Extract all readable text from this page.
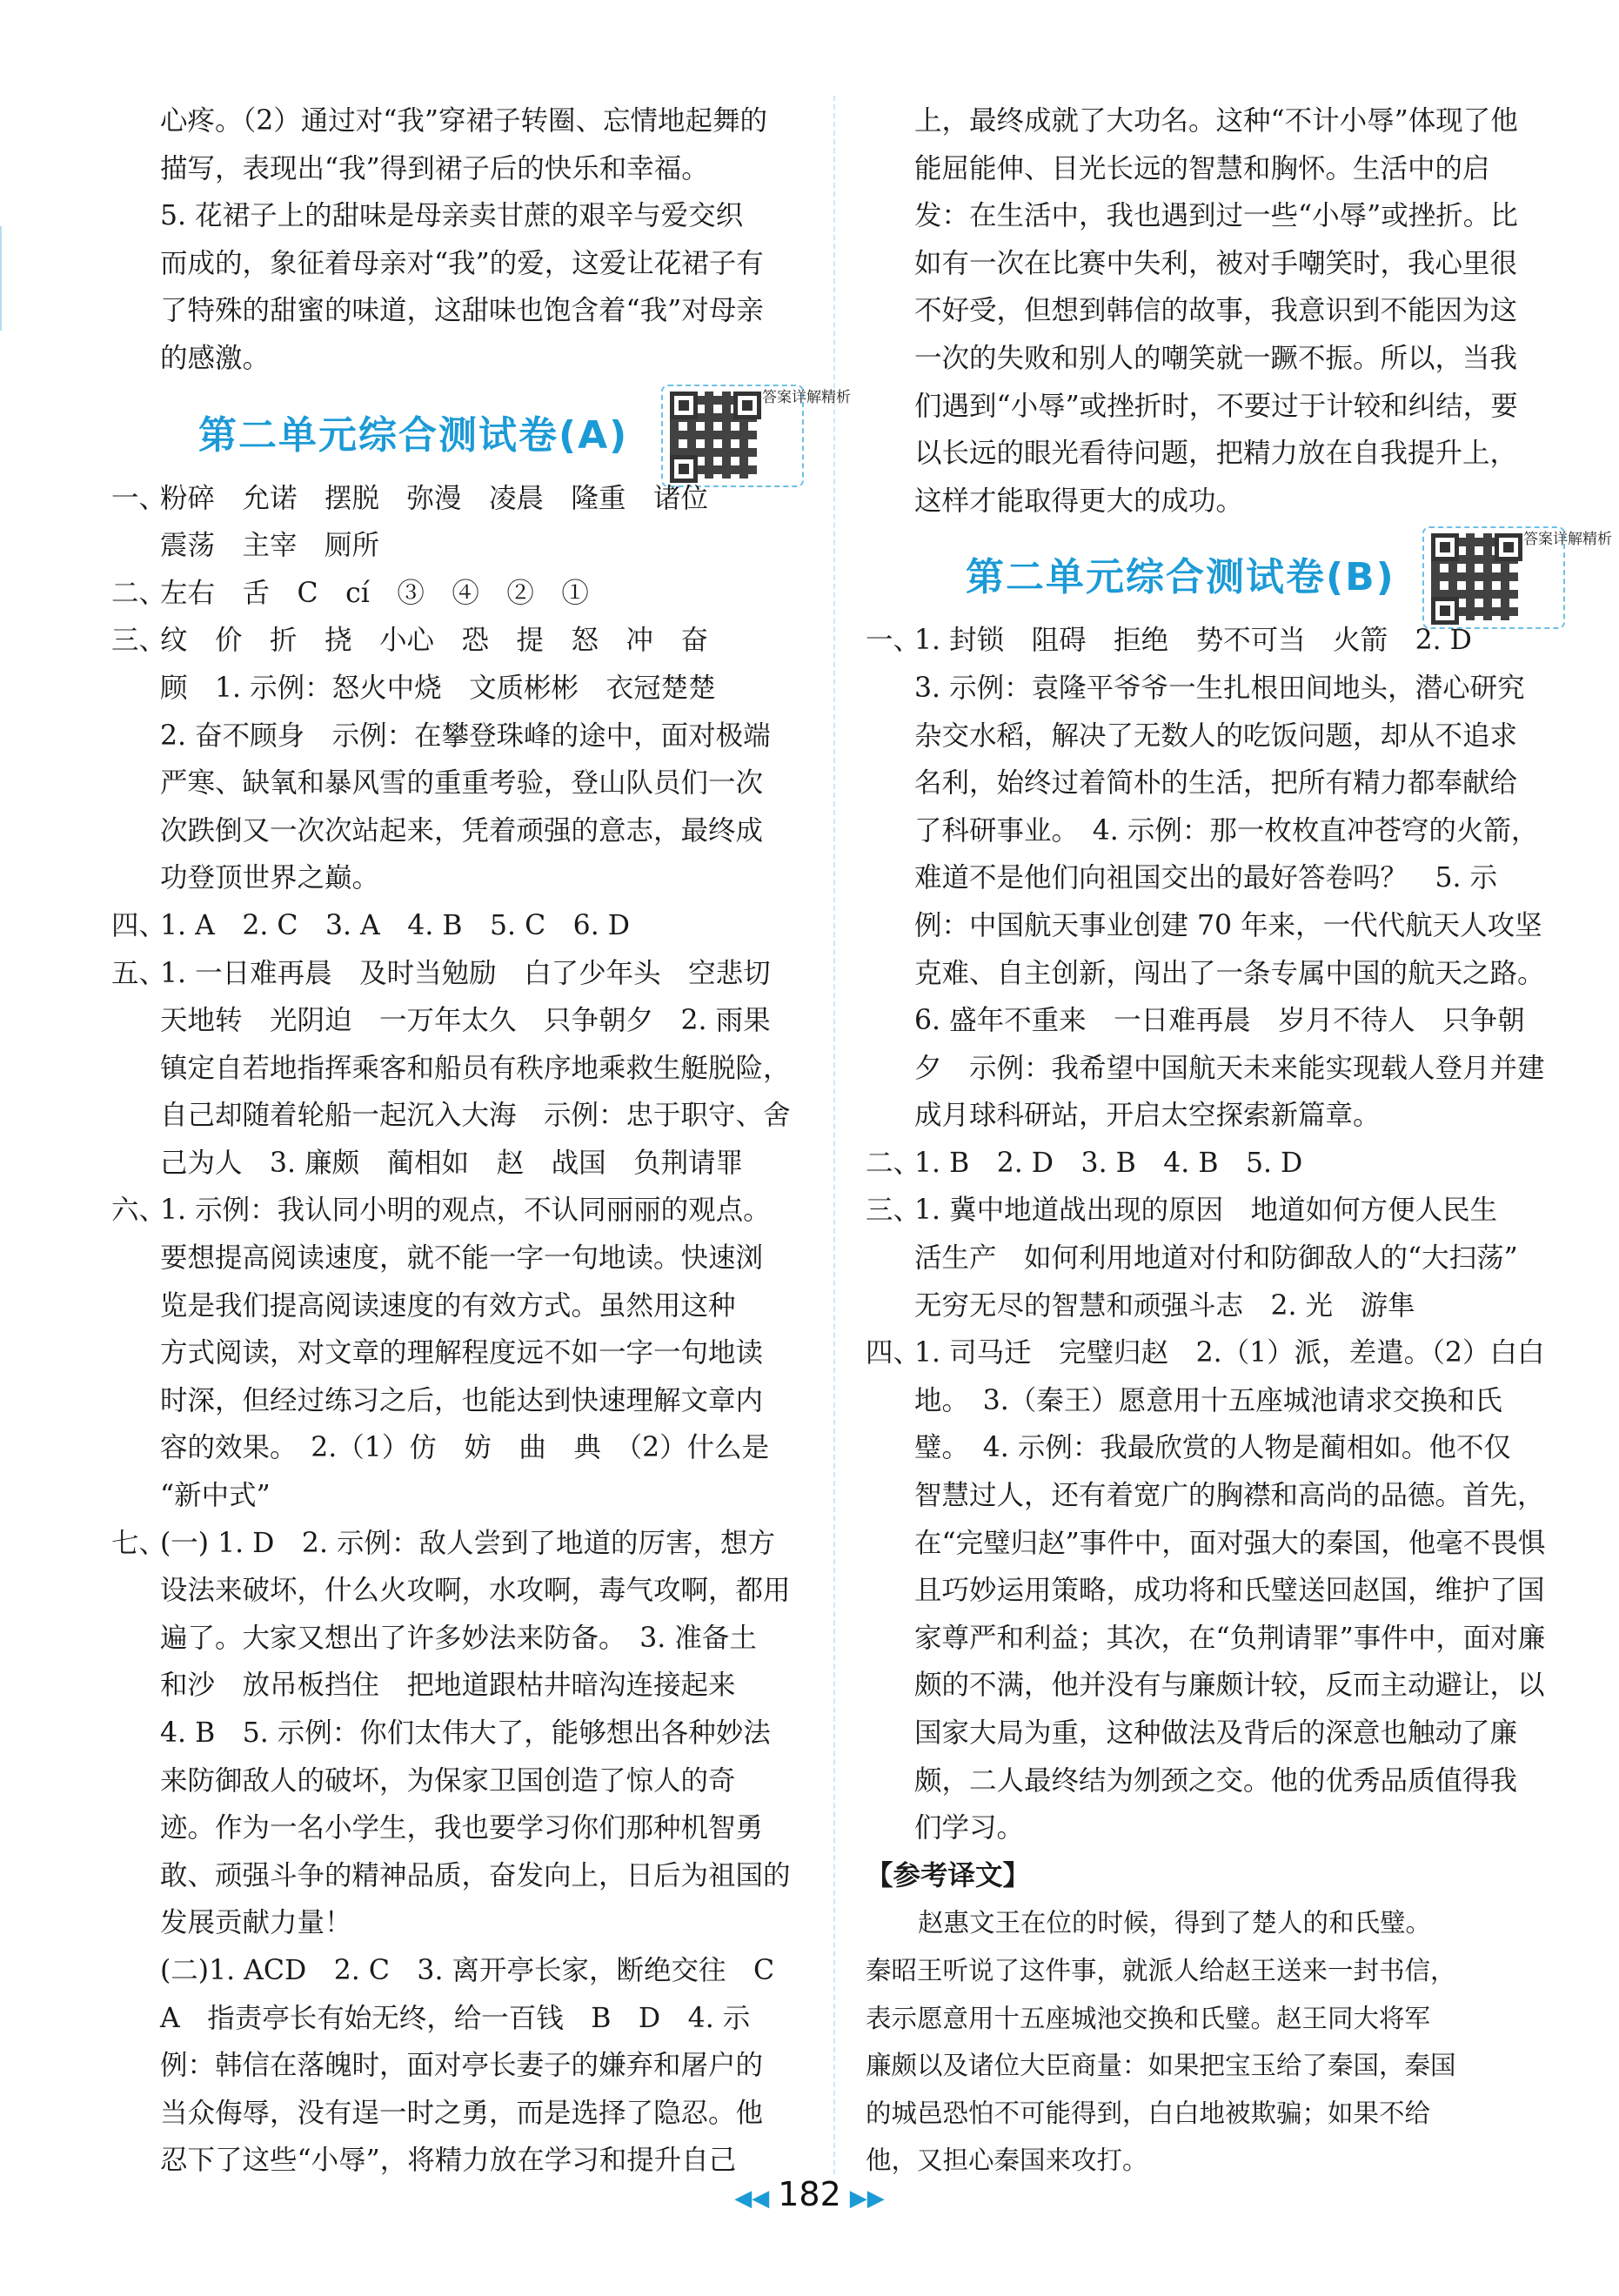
心疼。（2）通过对“我”穿裙子转圈、忘情地起舞的
描写，表现出“我”得到裙子后的快乐和幸福。
5. 花裙子上的甜味是母亲卖甘蔗的艰辛与爱交织
而成的，象征着母亲对“我”的爱，这爱让花裙子有
了特殊的甜蜜的味道，这甜味也饱含着“我”对母亲
的感激。
第二单元综合测试卷(A)
答案详解精析
一、
粉碎　允诺　摆脱　弥漫　凌晨　隆重　诸位
震荡　主宰　厕所
二、
左右　舌　C　cí　③　④　②　①
三、
纹　价　折　挠　小心　恐　提　怒　冲　奋
顾　1. 示例：怒火中烧　文质彬彬　衣冠楚楚
2. 奋不顾身　示例：在攀登珠峰的途中，面对极端
严寒、缺氧和暴风雪的重重考验，登山队员们一次
次跌倒又一次次站起来，凭着顽强的意志，最终成
功登顶世界之巅。
四、
1. A　2. C　3. A　4. B　5. C　6. D
五、
1. 一日难再晨　及时当勉励　白了少年头　空悲切
天地转　光阴迫　一万年太久　只争朝夕　2. 雨果
镇定自若地指挥乘客和船员有秩序地乘救生艇脱险，
自己却随着轮船一起沉入大海　示例：忠于职守、舍
己为人　3. 廉颇　蔺相如　赵　战国　负荆请罪
六、
1. 示例：我认同小明的观点，不认同丽丽的观点。
要想提高阅读速度，就不能一字一句地读。快速浏
览是我们提高阅读速度的有效方式。虽然用这种
方式阅读，对文章的理解程度远不如一字一句地读
时深，但经过练习之后，也能达到快速理解文章内
容的效果。　2.（1）仿　妨　曲　典　（2）什么是
“新中式”
七、
(一) 1. D　2. 示例：敌人尝到了地道的厉害，想方
设法来破坏，什么火攻啊，水攻啊，毒气攻啊，都用
遍了。大家又想出了许多妙法来防备。　3. 准备土
和沙　放吊板挡住　把地道跟枯井暗沟连接起来
4. B　5. 示例：你们太伟大了，能够想出各种妙法
来防御敌人的破坏，为保家卫国创造了惊人的奇
迹。作为一名小学生，我也要学习你们那种机智勇
敢、顽强斗争的精神品质，奋发向上，日后为祖国的
发展贡献力量！
(二)1. ACD　2. C　3. 离开亭长家，断绝交往　C
A　指责亭长有始无终，给一百钱　B　D　4. 示
例：韩信在落魄时，面对亭长妻子的嫌弃和屠户的
当众侮辱，没有逞一时之勇，而是选择了隐忍。他
忍下了这些“小辱”，将精力放在学习和提升自己
上，最终成就了大功名。这种“不计小辱”体现了他
能屈能伸、目光长远的智慧和胸怀。生活中的启
发：在生活中，我也遇到过一些“小辱”或挫折。比
如有一次在比赛中失利，被对手嘲笑时，我心里很
不好受，但想到韩信的故事，我意识到不能因为这
一次的失败和别人的嘲笑就一蹶不振。所以，当我
们遇到“小辱”或挫折时，不要过于计较和纠结，要
以长远的眼光看待问题，把精力放在自我提升上，
这样才能取得更大的成功。
第二单元综合测试卷(B)
答案详解精析
一、
1. 封锁　阻碍　拒绝　势不可当　火箭　2. D
3. 示例：袁隆平爷爷一生扎根田间地头，潜心研究
杂交水稻，解决了无数人的吃饭问题，却从不追求
名利，始终过着简朴的生活，把所有精力都奉献给
了科研事业。　4. 示例：那一枚枚直冲苍穹的火箭，
难道不是他们向祖国交出的最好答卷吗？　5. 示
例：中国航天事业创建 70 年来，一代代航天人攻坚
克难、自主创新，闯出了一条专属中国的航天之路。
6. 盛年不重来　一日难再晨　岁月不待人　只争朝
夕　示例：我希望中国航天未来能实现载人登月并建
成月球科研站，开启太空探索新篇章。
二、
1. B　2. D　3. B　4. B　5. D
三、
1. 冀中地道战出现的原因　地道如何方便人民生
活生产　如何利用地道对付和防御敌人的“大扫荡”
无穷无尽的智慧和顽强斗志　2. 光　游隼
四、
1. 司马迁　完璧归赵　2.（1）派，差遣。（2）白白
地。　3.（秦王）愿意用十五座城池请求交换和氏
璧。　4. 示例：我最欣赏的人物是蔺相如。他不仅
智慧过人，还有着宽广的胸襟和高尚的品德。首先，
在“完璧归赵”事件中，面对强大的秦国，他毫不畏惧
且巧妙运用策略，成功将和氏璧送回赵国，维护了国
家尊严和利益；其次，在“负荆请罪”事件中，面对廉
颇的不满，他并没有与廉颇计较，反而主动避让，以
国家大局为重，这种做法及背后的深意也触动了廉
颇，二人最终结为刎颈之交。他的优秀品质值得我
们学习。
【参考译文】
赵惠文王在位的时候，得到了楚人的和氏璧。
秦昭王听说了这件事，就派人给赵王送来一封书信，
表示愿意用十五座城池交换和氏璧。赵王同大将军
廉颇以及诸位大臣商量：如果把宝玉给了秦国，秦国
的城邑恐怕不可能得到，白白地被欺骗；如果不给
他，又担心秦国来攻打。
◀◀ 182 ▶▶
